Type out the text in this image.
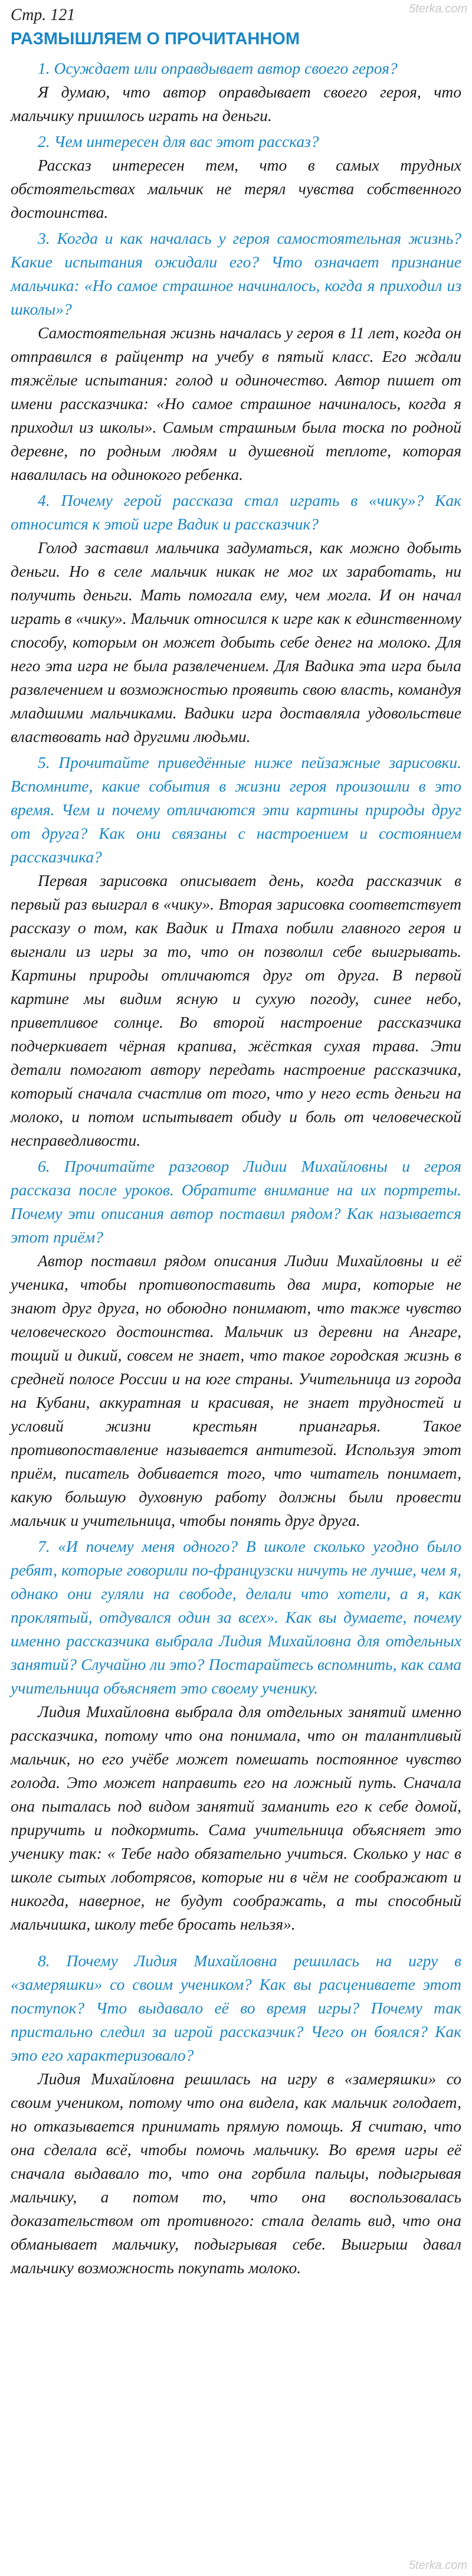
5terka.com
Стр. 121
РАЗМЫШЛЯЕМ О ПРОЧИТАННОМ

1. Осуждает или оправдывает автор своего героя?

Я думаю, что автор оправдывает своего героя, что мальчику пришлось играть на деньги.

2. Чем интересен для вас этот рассказ?

Рассказ интересен тем, что в самых трудных обстоятельствах мальчик не терял чувства собственного достоинства.

3. Когда и как началась у героя самостоятельная жизнь? Какие испытания ожидали его? Что означает признание мальчика: «Но самое страшное начиналось, когда я приходил из школы»?

Самостоятельная жизнь началась у героя в 11 лет, когда он отправился в райцентр на учебу в пятый класс. Его ждали тяжёлые испытания: голод и одиночество. Автор пишет от имени рассказчика: «Но самое страшное начиналось, когда я приходил из школы». Самым страшным была тоска по родной деревне, по родным людям и душевной теплоте, которая навалилась на одинокого ребенка.

4. Почему герой рассказа стал играть в «чику»? Как относится к этой игре Вадик и рассказчик?

Голод заставил мальчика задуматься, как можно добыть деньги. Но в селе мальчик никак не мог их заработать, ни получить деньги. Мать помогала ему, чем могла. И он начал играть в «чику». Мальчик относился к игре как к единственному способу, которым он может добыть себе денег на молоко. Для него эта игра не была развлечением. Для Вадика эта игра была развлечением и возможностью проявить свою власть, командуя младшими мальчиками. Вадики игра доставляла удовольствие властвовать над другими людьми.

5. Прочитайте приведённые ниже пейзажные зарисовки. Вспомните, какие события в жизни героя произошли в это время. Чем и почему отличаются эти картины природы друг от друга? Как они связаны с настроением и состоянием рассказчика?

Первая зарисовка описывает день, когда рассказчик в первый раз выиграл в «чику». Вторая зарисовка соответствует рассказу о том, как Вадик и Птаха побили главного героя и выгнали из игры за то, что он позволил себе выигрывать. Картины природы отличаются друг от друга. В первой картине мы видим ясную и сухую погоду, синее небо, приветливое солнце. Во второй настроение рассказчика подчеркивает чёрная крапива, жёсткая сухая трава. Эти детали помогают автору передать настроение рассказчика, который сначала счастлив от того, что у него есть деньги на молоко, и потом испытывает обиду и боль от человеческой несправедливости.

6. Прочитайте разговор Лидии Михайловны и героя рассказа после уроков. Обратите внимание на их портреты. Почему эти описания автор поставил рядом? Как называется этот приём?

Автор поставил рядом описания Лидии Михайловны и её ученика, чтобы противопоставить два мира, которые не знают друг друга, но обоюдно понимают, что также чувство человеческого достоинства. Мальчик из деревни на Ангаре, тощий и дикий, совсем не знает, что такое городская жизнь в средней полосе России и на юге страны. Учительница из города на Кубани, аккуратная и красивая, не знает трудностей и условий жизни крестьян приангарья. Такое противопоставление называется антитезой. Используя этот приём, писатель добивается того, что читатель понимает, какую большую духовную работу должны были провести мальчик и учительница, чтобы понять друг друга.

7. «И почему меня одного? В школе сколько угодно было ребят, которые говорили по-французски ничуть не лучше, чем я, однако они гуляли на свободе, делали что хотели, а я, как проклятый, отдувался один за всех». Как вы думаете, почему именно рассказчика выбрала Лидия Михайловна для отдельных занятий? Случайно ли это? Постарайтесь вспомнить, как сама учительница объясняет это своему ученику.

Лидия Михайловна выбрала для отдельных занятий именно рассказчика, потому что она понимала, что он талантливый мальчик, но его учёбе может помешать постоянное чувство голода. Это может направить его на ложный путь. Сначала она пыталась под видом занятий заманить его к себе домой, приручить и подкормить. Сама учительница объясняет это ученику так: « Тебе надо обязательно учиться. Сколько у нас в школе сытых лоботрясов, которые ни в чём не соображают и никогда, наверное, не будут соображать, а ты способный мальчишка, школу тебе бросать нельзя».

8. Почему Лидия Михайловна решилась на игру в «замеряшки» со своим учеником? Как вы расцениваете этот поступок? Что выдавало её во время игры? Почему так пристально следил за игрой рассказчик? Чего он боялся? Как это его характеризовало?

Лидия Михайловна решилась на игру в «замеряшки» со своим учеником, потому что она видела, как мальчик голодает, но отказывается принимать прямую помощь. Я считаю, что она сделала всё, чтобы помочь мальчику. Во время игры её сначала выдавало то, что она горбила пальцы, подыгрывая мальчику, а потом то, что она воспользовалась доказательством от противного: стала делать вид, что она обманывает мальчику, подыгрывая себе. Выигрыш давал мальчику возможность покупать молоко.

5terka.com
